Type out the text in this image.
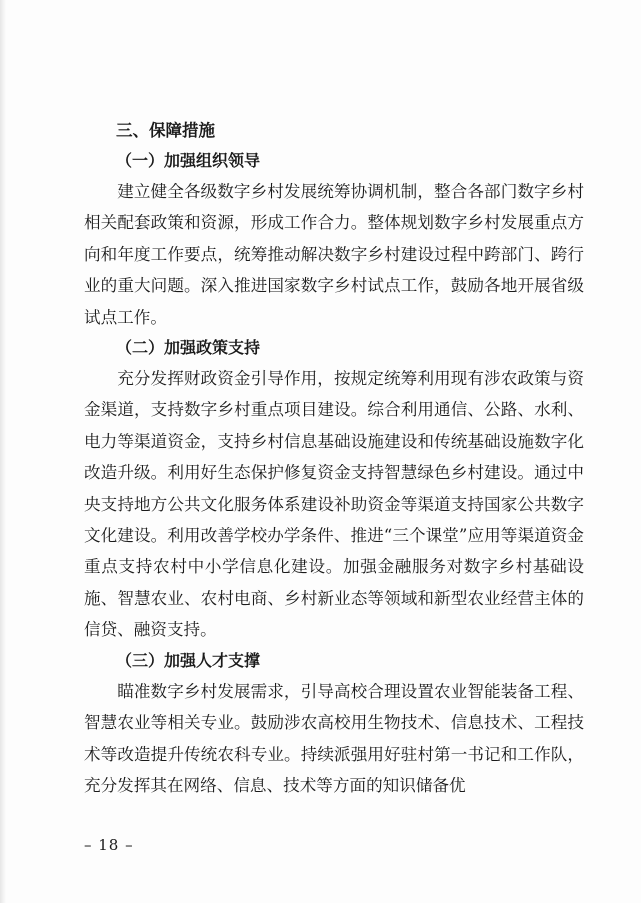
三、保障措施
（一）加强组织领导

建立健全各级数字乡村发展统筹协调机制，整合各部门数字乡村相关配套政策和资源，形成工作合力。整体规划数字乡村发展重点方向和年度工作要点，统筹推动解决数字乡村建设过程中跨部门、跨行业的重大问题。深入推进国家数字乡村试点工作，鼓励各地开展省级试点工作。

（二）加强政策支持

充分发挥财政资金引导作用，按规定统筹利用现有涉农政策与资金渠道，支持数字乡村重点项目建设。综合利用通信、公路、水利、电力等渠道资金，支持乡村信息基础设施建设和传统基础设施数字化改造升级。利用好生态保护修复资金支持智慧绿色乡村建设。通过中央支持地方公共文化服务体系建设补助资金等渠道支持国家公共数字文化建设。利用改善学校办学条件、推进“三个课堂”应用等渠道资金重点支持农村中小学信息化建设。加强金融服务对数字乡村基础设施、智慧农业、农村电商、乡村新业态等领域和新型农业经营主体的信贷、融资支持。

（三）加强人才支撑

瞄准数字乡村发展需求，引导高校合理设置农业智能装备工程、智慧农业等相关专业。鼓励涉农高校用生物技术、信息技术、工程技术等改造提升传统农科专业。持续派强用好驻村第一书记和工作队，充分发挥其在网络、信息、技术等方面的知识储备优

– 18 –
